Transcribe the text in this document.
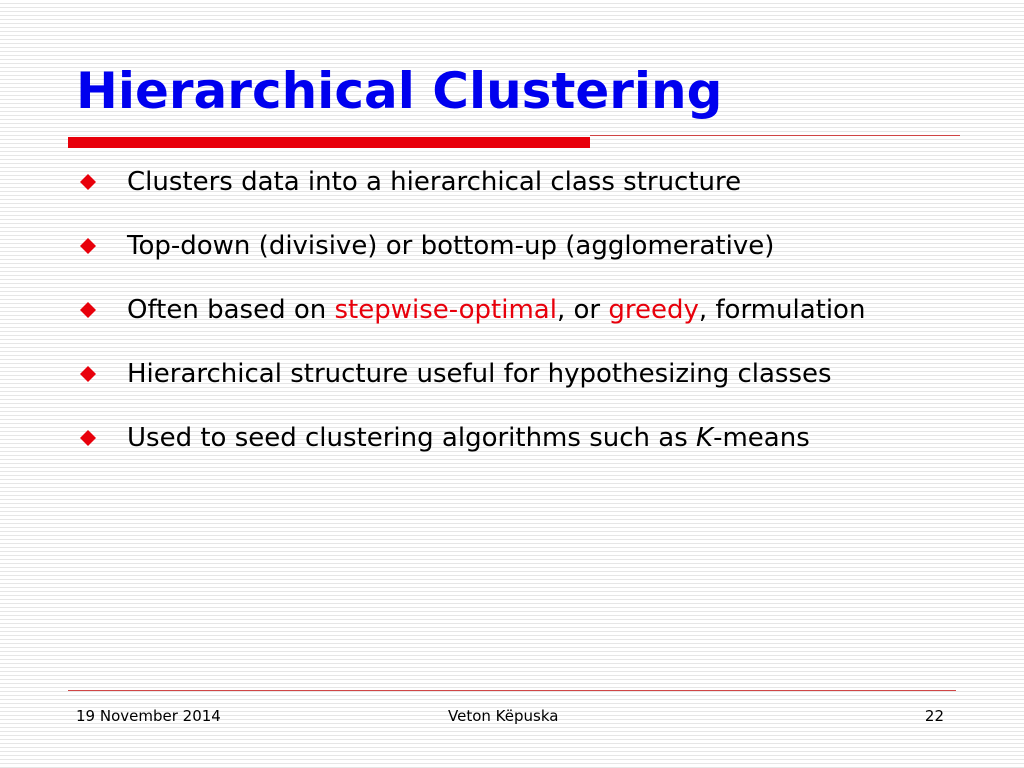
Hierarchical Clustering
Clusters data into a hierarchical class structure
Top-down (divisive) or bottom-up (agglomerative)
Often based on stepwise-optimal, or greedy, formulation
Hierarchical structure useful for hypothesizing classes
Used to seed clustering algorithms such as K-means
19 November 2014	Veton Këpuska	22
